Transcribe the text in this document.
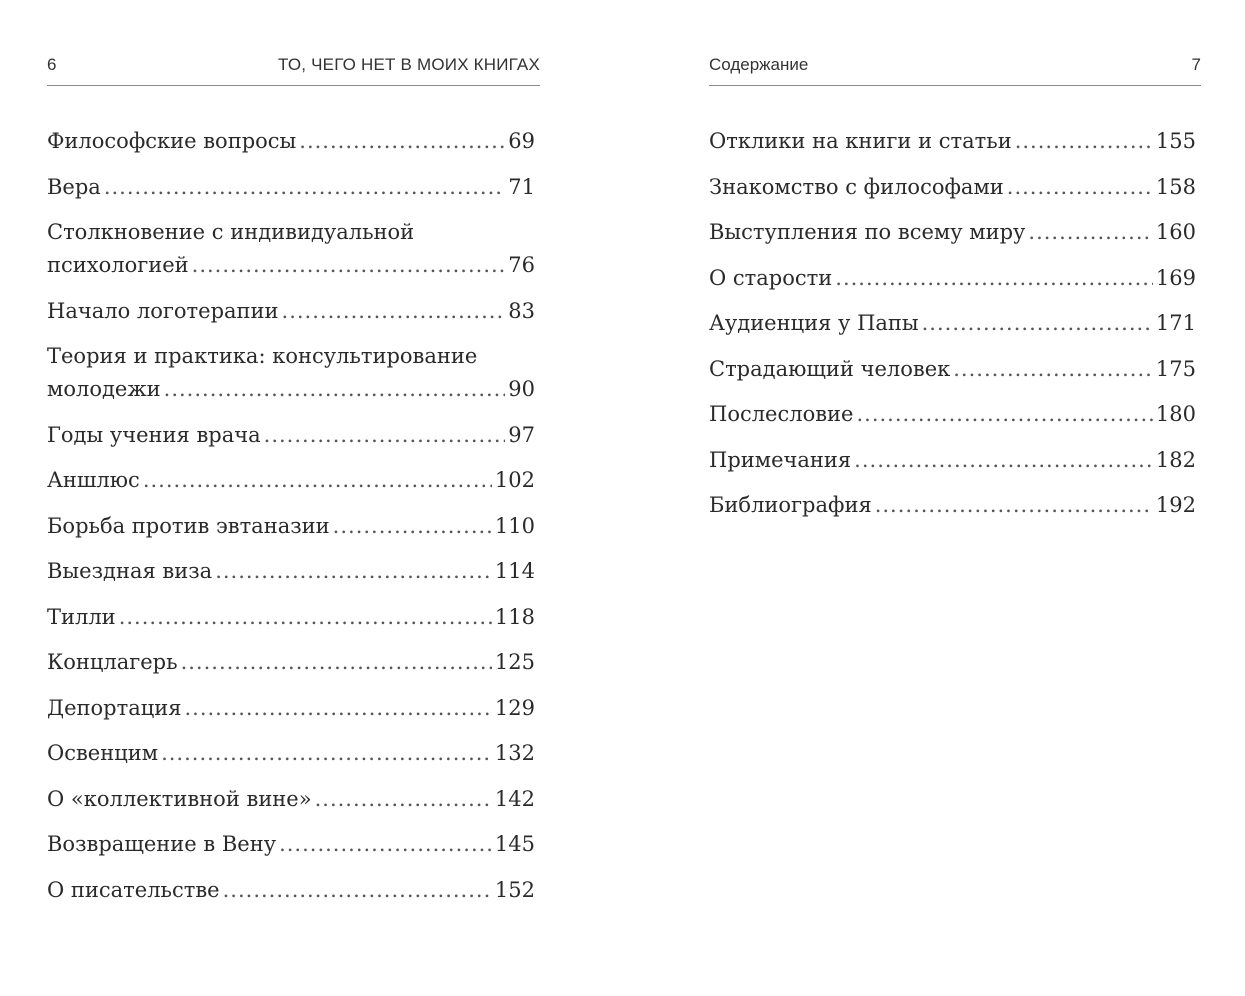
6	ТО, ЧЕГО НЕТ В МОИХ КНИГАХ
Философские вопросы .....	69
Вера .....	71
Столкновение с индивидуальной
психологией .....	76
Начало логотерапии .....	83
Теория и практика: консультирование
молодежи .....	90
Годы учения врача .....	97
Аншлюс .....	102
Борьба против эвтаназии .....	110
Выездная виза .....	114
Тилли .....	118
Концлагерь .....	125
Депортация .....	129
Освенцим .....	132
О «коллективной вине» .....	142
Возвращение в Вену .....	145
О писательстве .....	152
Содержание	7
Отклики на книги и статьи .....	155
Знакомство с философами .....	158
Выступления по всему миру .....	160
О старости .....	169
Аудиенция у Папы .....	171
Страдающий человек .....	175
Послесловие .....	180
Примечания .....	182
Библиография .....	192
